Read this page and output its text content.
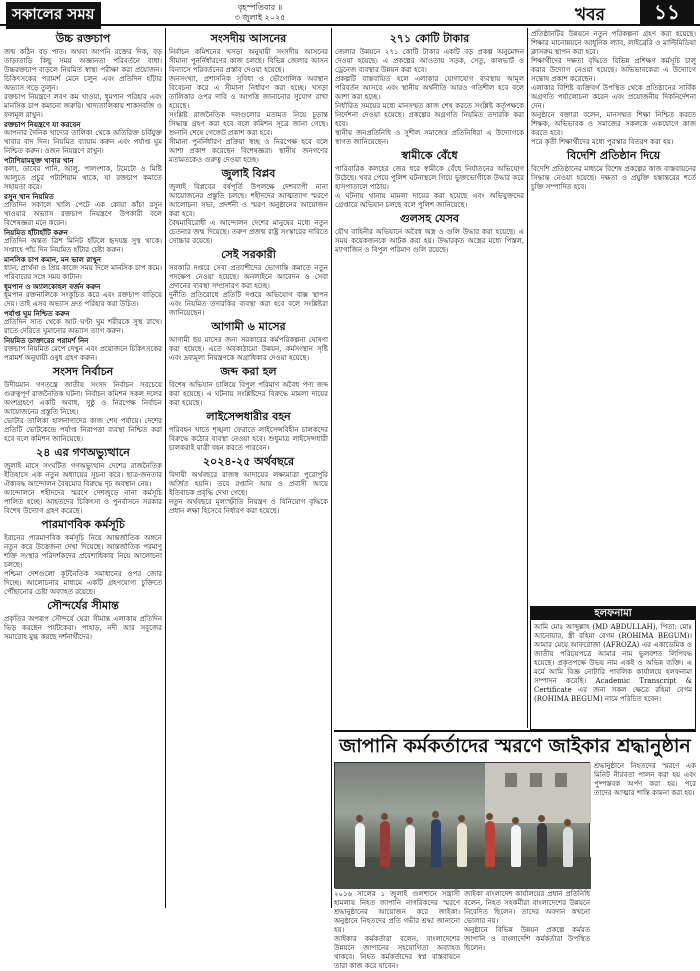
সকালের সময়	বৃহস্পতিবার ॥
৩ জুলাই ২০২৫	খবর	১১
উচ্চ রক্তচাপ
জন্ম কঠিন বড় পাত। অথবা আপনি রক্তের দিক, বড় তাড়াতাড়ি কিছু সময় অজ্ঞানতা পরিবর্তনে বাধা। উচ্চরক্তচাপ বাড়লে নিয়মিত স্বাস্থ্য পরীক্ষা করা প্রয়োজন। চিকিৎসকের পরামর্শ মেনে চলুন এবং প্রতিদিন হাঁটার অভ্যাস গড়ে তুলুন।
রক্তচাপ নিয়ন্ত্রণে লবণ কম খাওয়া, ধূমপান পরিহার এবং মানসিক চাপ কমানো জরুরি। খাদ্যতালিকায় শাকসবজি ও ফলমূল রাখুন।
রক্তচাপ নিয়ন্ত্রণে যা করবেন
আপনার দৈনিক খাদ্যের তালিকা থেকে অতিরিক্ত চর্বিযুক্ত খাবার বাদ দিন। নিয়মিত ব্যায়াম করুন এবং পর্যাপ্ত ঘুম নিশ্চিত করুন। ওজন নিয়ন্ত্রণে রাখুন।
পটাশিয়ামযুক্ত খাবার খান
কলা, ডাবের পানি, আলু, পালংশাক, টমেটো ও মিষ্টি আলুতে প্রচুর পটাশিয়াম থাকে, যা রক্তচাপ কমাতে সহায়তা করে।
রসুন খান নিয়মিত
প্রতিদিন সকালে খালি পেটে এক কোয়া কাঁচা রসুন খাওয়ার অভ্যাস রক্তচাপ নিয়ন্ত্রণে উপকারী বলে বিশেষজ্ঞরা মনে করেন।
নিয়মিত হাঁটাহাঁটি করুন
প্রতিদিন অন্তত ত্রিশ মিনিট হাঁটলে হৃদযন্ত্র সুস্থ থাকে। সপ্তাহে পাঁচ দিন নিয়মিত হাঁটার চেষ্টা করুন।
মানসিক চাপ কমান, মন ভাল রাখুন
ধ্যান, প্রার্থনা ও প্রিয় কাজে সময় দিলে মানসিক চাপ কমে। পরিবারের সঙ্গে সময় কাটান।
ধূমপান ও অ্যালকোহল বর্জন করুন
ধূমপান রক্তনালিকে সংকুচিত করে এবং রক্তচাপ বাড়িয়ে দেয়। তাই এসব অভ্যাস দ্রুত পরিহার করা উচিত।
পর্যাপ্ত ঘুম নিশ্চিত করুন
প্রতিদিন সাত থেকে আট ঘণ্টা ঘুম শরীরকে সুস্থ রাখে। রাতে দেরিতে ঘুমানোর অভ্যাস ত্যাগ করুন।
নিয়মিত ডাক্তারের পরামর্শ নিন
রক্তচাপ নিয়মিত মেপে দেখুন এবং প্রয়োজনে চিকিৎসকের পরামর্শ অনুযায়ী ওষুধ গ্রহণ করুন।
সংসদ নির্বাচন
উদীয়মান গণতন্ত্রে জাতীয় সংসদ নির্বাচন সবচেয়ে গুরুত্বপূর্ণ রাজনৈতিক ঘটনা। নির্বাচন কমিশন সকল দলের অংশগ্রহণে একটি অবাধ, সুষ্ঠু ও নিরপেক্ষ নির্বাচন আয়োজনের প্রস্তুতি নিচ্ছে।
ভোটার তালিকা হালনাগাদের কাজ শেষ পর্যায়ে। দেশের প্রতিটি ভোটকেন্দ্রে পর্যাপ্ত নিরাপত্তা ব্যবস্থা নিশ্চিত করা হবে বলে কমিশন জানিয়েছে।
২৪ এর গণঅভ্যুত্থানে
জুলাই মাসে সংঘটিত গণঅভ্যুত্থান দেশের রাজনৈতিক ইতিহাসে এক নতুন অধ্যায়ের সূচনা করে। ছাত্র-জনতার ঐক্যবদ্ধ আন্দোলন বৈষম্যের বিরুদ্ধে দৃঢ় অবস্থান নেয়।
আন্দোলনে শহীদদের স্মরণে দেশজুড়ে নানা কর্মসূচি পালিত হচ্ছে। আহতদের চিকিৎসা ও পুনর্বাসনে সরকার বিশেষ উদ্যোগ গ্রহণ করেছে।
পারমাণবিক কর্মসূচি
ইরানের পারমাণবিক কর্মসূচি নিয়ে আন্তর্জাতিক অঙ্গনে নতুন করে উত্তেজনা দেখা দিয়েছে। আন্তর্জাতিক পরমাণু শক্তি সংস্থার পরিদর্শকদের প্রবেশাধিকার নিয়ে আলোচনা চলছে।
পশ্চিমা দেশগুলো কূটনৈতিক সমাধানের ওপর জোর দিচ্ছে। আলোচনার মাধ্যমে একটি গ্রহণযোগ্য চুক্তিতে পৌঁছানোর চেষ্টা অব্যাহত রয়েছে।
সৌন্দর্যের সীমান্ত
প্রকৃতির অপরূপ সৌন্দর্যে ঘেরা সীমান্ত এলাকায় প্রতিদিন ভিড় করছেন পর্যটকেরা। পাহাড়, নদী আর সবুজের সমারোহ মুগ্ধ করছে দর্শনার্থীদের।
সংসদীয় আসনের
নির্বাচন কমিশনের খসড়া অনুযায়ী সংসদীয় আসনের সীমানা পুনর্নির্ধারণের কাজ চলছে। বিভিন্ন জেলার আসন বিন্যাসে পরিবর্তনের প্রস্তাব দেওয়া হয়েছে।
জনসংখ্যা, প্রশাসনিক সুবিধা ও ভৌগোলিক অবস্থান বিবেচনা করে এ সীমানা নির্ধারণ করা হচ্ছে। খসড়া তালিকার ওপর দাবি ও আপত্তি জানানোর সুযোগ রাখা হয়েছে।
সংশ্লিষ্ট রাজনৈতিক দলগুলোর মতামত নিয়ে চূড়ান্ত সিদ্ধান্ত গ্রহণ করা হবে বলে কমিশন সূত্রে জানা গেছে। শুনানি শেষে গেজেট প্রকাশ করা হবে।
সীমানা পুনর্নির্ধারণ প্রক্রিয়া স্বচ্ছ ও নিরপেক্ষ হবে বলে আশা প্রকাশ করেছেন বিশেষজ্ঞরা। স্থানীয় জনগণের মতামতকেও গুরুত্ব দেওয়া হচ্ছে।
জুলাই বিপ্লব
জুলাই বিপ্লবের বর্ষপূর্তি উপলক্ষে দেশব্যাপী নানা আয়োজনের প্রস্তুতি চলছে। শহীদদের আত্মত্যাগ স্মরণে আলোচনা সভা, প্রদর্শনী ও স্মরণ অনুষ্ঠানের আয়োজন করা হবে।
বৈষম্যবিরোধী এ আন্দোলন দেশের মানুষের মধ্যে নতুন চেতনার জন্ম দিয়েছে। তরুণ প্রজন্ম রাষ্ট্র সংস্কারের দাবিতে সোচ্চার রয়েছে।
সেই সরকারী
সরকারি দপ্তরে সেবা প্রত্যাশীদের ভোগান্তি কমাতে নতুন পদক্ষেপ নেওয়া হয়েছে। অনলাইনে আবেদন ও সেবা প্রদানের ব্যবস্থা সম্প্রসারণ করা হচ্ছে।
দুর্নীতি প্রতিরোধে প্রতিটি দপ্তরে অভিযোগ বাক্স স্থাপন এবং নিয়মিত তদারকির ব্যবস্থা করা হবে বলে সংশ্লিষ্টরা জানিয়েছেন।
আগামী ৬ মাসের
আগামী ছয় মাসের জন্য সরকারের কর্মপরিকল্পনা ঘোষণা করা হয়েছে। এতে অবকাঠামো উন্নয়ন, কর্মসংস্থান সৃষ্টি এবং দ্রব্যমূল্য নিয়ন্ত্রণকে অগ্রাধিকার দেওয়া হয়েছে।
জব্দ করা হল
বিশেষ অভিযান চালিয়ে বিপুল পরিমাণ অবৈধ পণ্য জব্দ করা হয়েছে। এ ঘটনায় সংশ্লিষ্টদের বিরুদ্ধে মামলা দায়ের করা হয়েছে।
লাইসেন্সধারীর বহন
পরিবহন খাতে শৃঙ্খলা ফেরাতে লাইসেন্সবিহীন চালকদের বিরুদ্ধে কঠোর ব্যবস্থা নেওয়া হবে। শুধুমাত্র লাইসেন্সধারী চালকরাই যাত্রী বহন করতে পারবেন।
২০২৪-২৫ অর্থবছরে
বিদায়ী অর্থবছরে রাজস্ব আদায়ের লক্ষ্যমাত্রা পুরোপুরি অর্জিত হয়নি। তবে রপ্তানি আয় ও প্রবাসী আয়ে ইতিবাচক প্রবৃদ্ধি দেখা গেছে।
নতুন অর্থবছরে মূল্যস্ফীতি নিয়ন্ত্রণ ও বিনিয়োগ বৃদ্ধিকে প্রধান লক্ষ্য হিসেবে নির্ধারণ করা হয়েছে।
২৭১ কোটি টাকার
জেলার উন্নয়নে ২৭১ কোটি টাকার একটি বড় প্রকল্প অনুমোদন দেওয়া হয়েছে। এ প্রকল্পের আওতায় সড়ক, সেতু, কালভার্ট ও ড্রেনেজ ব্যবস্থার উন্নয়ন করা হবে।
প্রকল্পটি বাস্তবায়িত হলে এলাকার যোগাযোগ ব্যবস্থায় আমূল পরিবর্তন আসবে এবং স্থানীয় অর্থনীতি আরও গতিশীল হবে বলে আশা করা হচ্ছে।
নির্ধারিত সময়ের মধ্যে মানসম্মত কাজ শেষ করতে সংশ্লিষ্ট কর্তৃপক্ষকে নির্দেশনা দেওয়া হয়েছে। প্রকল্পের অগ্রগতি নিয়মিত তদারকি করা হবে।
স্থানীয় জনপ্রতিনিধি ও সুশীল সমাজের প্রতিনিধিরা এ উদ্যোগকে স্বাগত জানিয়েছেন।
স্বামীকে বেঁধে
পারিবারিক কলহের জের ধরে স্বামীকে বেঁধে নির্যাতনের অভিযোগ উঠেছে। খবর পেয়ে পুলিশ ঘটনাস্থলে গিয়ে ভুক্তভোগীকে উদ্ধার করে হাসপাতালে পাঠায়।
এ ঘটনায় থানায় মামলা দায়ের করা হয়েছে এবং অভিযুক্তদের গ্রেপ্তারে অভিযান চলছে বলে পুলিশ জানিয়েছে।
গুলসহ যেসব
যৌথ বাহিনীর অভিযানে অবৈধ অস্ত্র ও গুলি উদ্ধার করা হয়েছে। এ সময় কয়েকজনকে আটক করা হয়। উদ্ধারকৃত অস্ত্রের মধ্যে পিস্তল, ম্যাগাজিন ও বিপুল পরিমাণ গুলি রয়েছে।
প্রতিষ্ঠানটির উন্নয়নে নতুন পরিকল্পনা গ্রহণ করা হয়েছে। শিক্ষার মানোন্নয়নে আধুনিক ল্যাব, লাইব্রেরি ও মাল্টিমিডিয়া ক্লাসরুম স্থাপন করা হবে।
শিক্ষার্থীদের দক্ষতা বৃদ্ধিতে বিভিন্ন প্রশিক্ষণ কর্মসূচি চালু করার উদ্যোগ নেওয়া হয়েছে। অভিভাবকেরা এ উদ্যোগে সন্তোষ প্রকাশ করেছেন।
এলাকার বিশিষ্ট ব্যক্তিবর্গ উপস্থিত থেকে প্রতিষ্ঠানের সার্বিক অগ্রগতি পর্যালোচনা করেন এবং প্রয়োজনীয় দিকনির্দেশনা দেন।
অনুষ্ঠানে বক্তারা বলেন, মানসম্মত শিক্ষা নিশ্চিত করতে শিক্ষক, অভিভাবক ও সমাজের সকলকে একযোগে কাজ করতে হবে।
পরে কৃতী শিক্ষার্থীদের মধ্যে পুরস্কার বিতরণ করা হয়।
বিদেশি প্রতিষ্ঠান দিয়ে
বিদেশি প্রতিষ্ঠানের মাধ্যমে বিশেষ প্রকল্পের কাজ বাস্তবায়নের সিদ্ধান্ত নেওয়া হয়েছে। দক্ষতা ও প্রযুক্তি হস্তান্তরের শর্তে চুক্তি সম্পাদিত হবে।
হলফনামা
আমি মোঃ আব্দুল্লাহ (MD ABDULLAH), পিতা: মোঃ আনোয়ার, স্ত্রী রহিমা বেগম (ROHIMA BEGUM)। আমার মেয়ে আফরোজা (AFROZA) এর একাডেমিক ও জাতীয় পরিচয়পত্রে আমার নাম ভুলবশত লিপিবদ্ধ হয়েছে। প্রকৃতপক্ষে উভয় নাম একই ও অভিন্ন ব্যক্তি। এ মর্মে আমি বিজ্ঞ নোটারি পাবলিক কার্যালয়ে হলফনামা সম্পাদন করেছি। Academic Transcript & Certificate এর জন্য সকল ক্ষেত্রে রহিমা বেগম (ROHIMA BEGUM) নামে পরিচিত হবেন।
জাপানি কর্মকর্তাদের স্মরণে জাইকার শ্রদ্ধানুষ্ঠান
শ্রদ্ধানুষ্ঠানে নিহতদের স্মরণে এক মিনিট নীরবতা পালন করা হয় এবং পুষ্পস্তবক অর্পণ করা হয়। পরে তাদের আত্মার শান্তি কামনা করা হয়।
২০১৬ সালের ১ জুলাই গুলশানে সন্ত্রাসী হামলায় নিহত জাপানি নাগরিকদের স্মরণে শ্রদ্ধানুষ্ঠানের আয়োজন করে জাইকা। অনুষ্ঠানে নিহতদের প্রতি গভীর শ্রদ্ধা জানানো হয়।
জাইকার কর্মকর্তারা বলেন, বাংলাদেশের উন্নয়নে জাপানের সহযোগিতা অব্যাহত থাকবে। নিহত কর্মকর্তাদের স্বপ্ন বাস্তবায়নে তারা কাজ করে যাবেন।
জাইকা বাংলাদেশ কার্যালয়ের প্রধান প্রতিনিধি বলেন, নিহত সহকর্মীরা বাংলাদেশের উন্নয়নে নিবেদিত ছিলেন। তাদের অবদান কখনো ভোলার নয়।
অনুষ্ঠানে বিভিন্ন উন্নয়ন প্রকল্পে কর্মরত জাপানি ও বাংলাদেশি কর্মকর্তারা উপস্থিত ছিলেন।
